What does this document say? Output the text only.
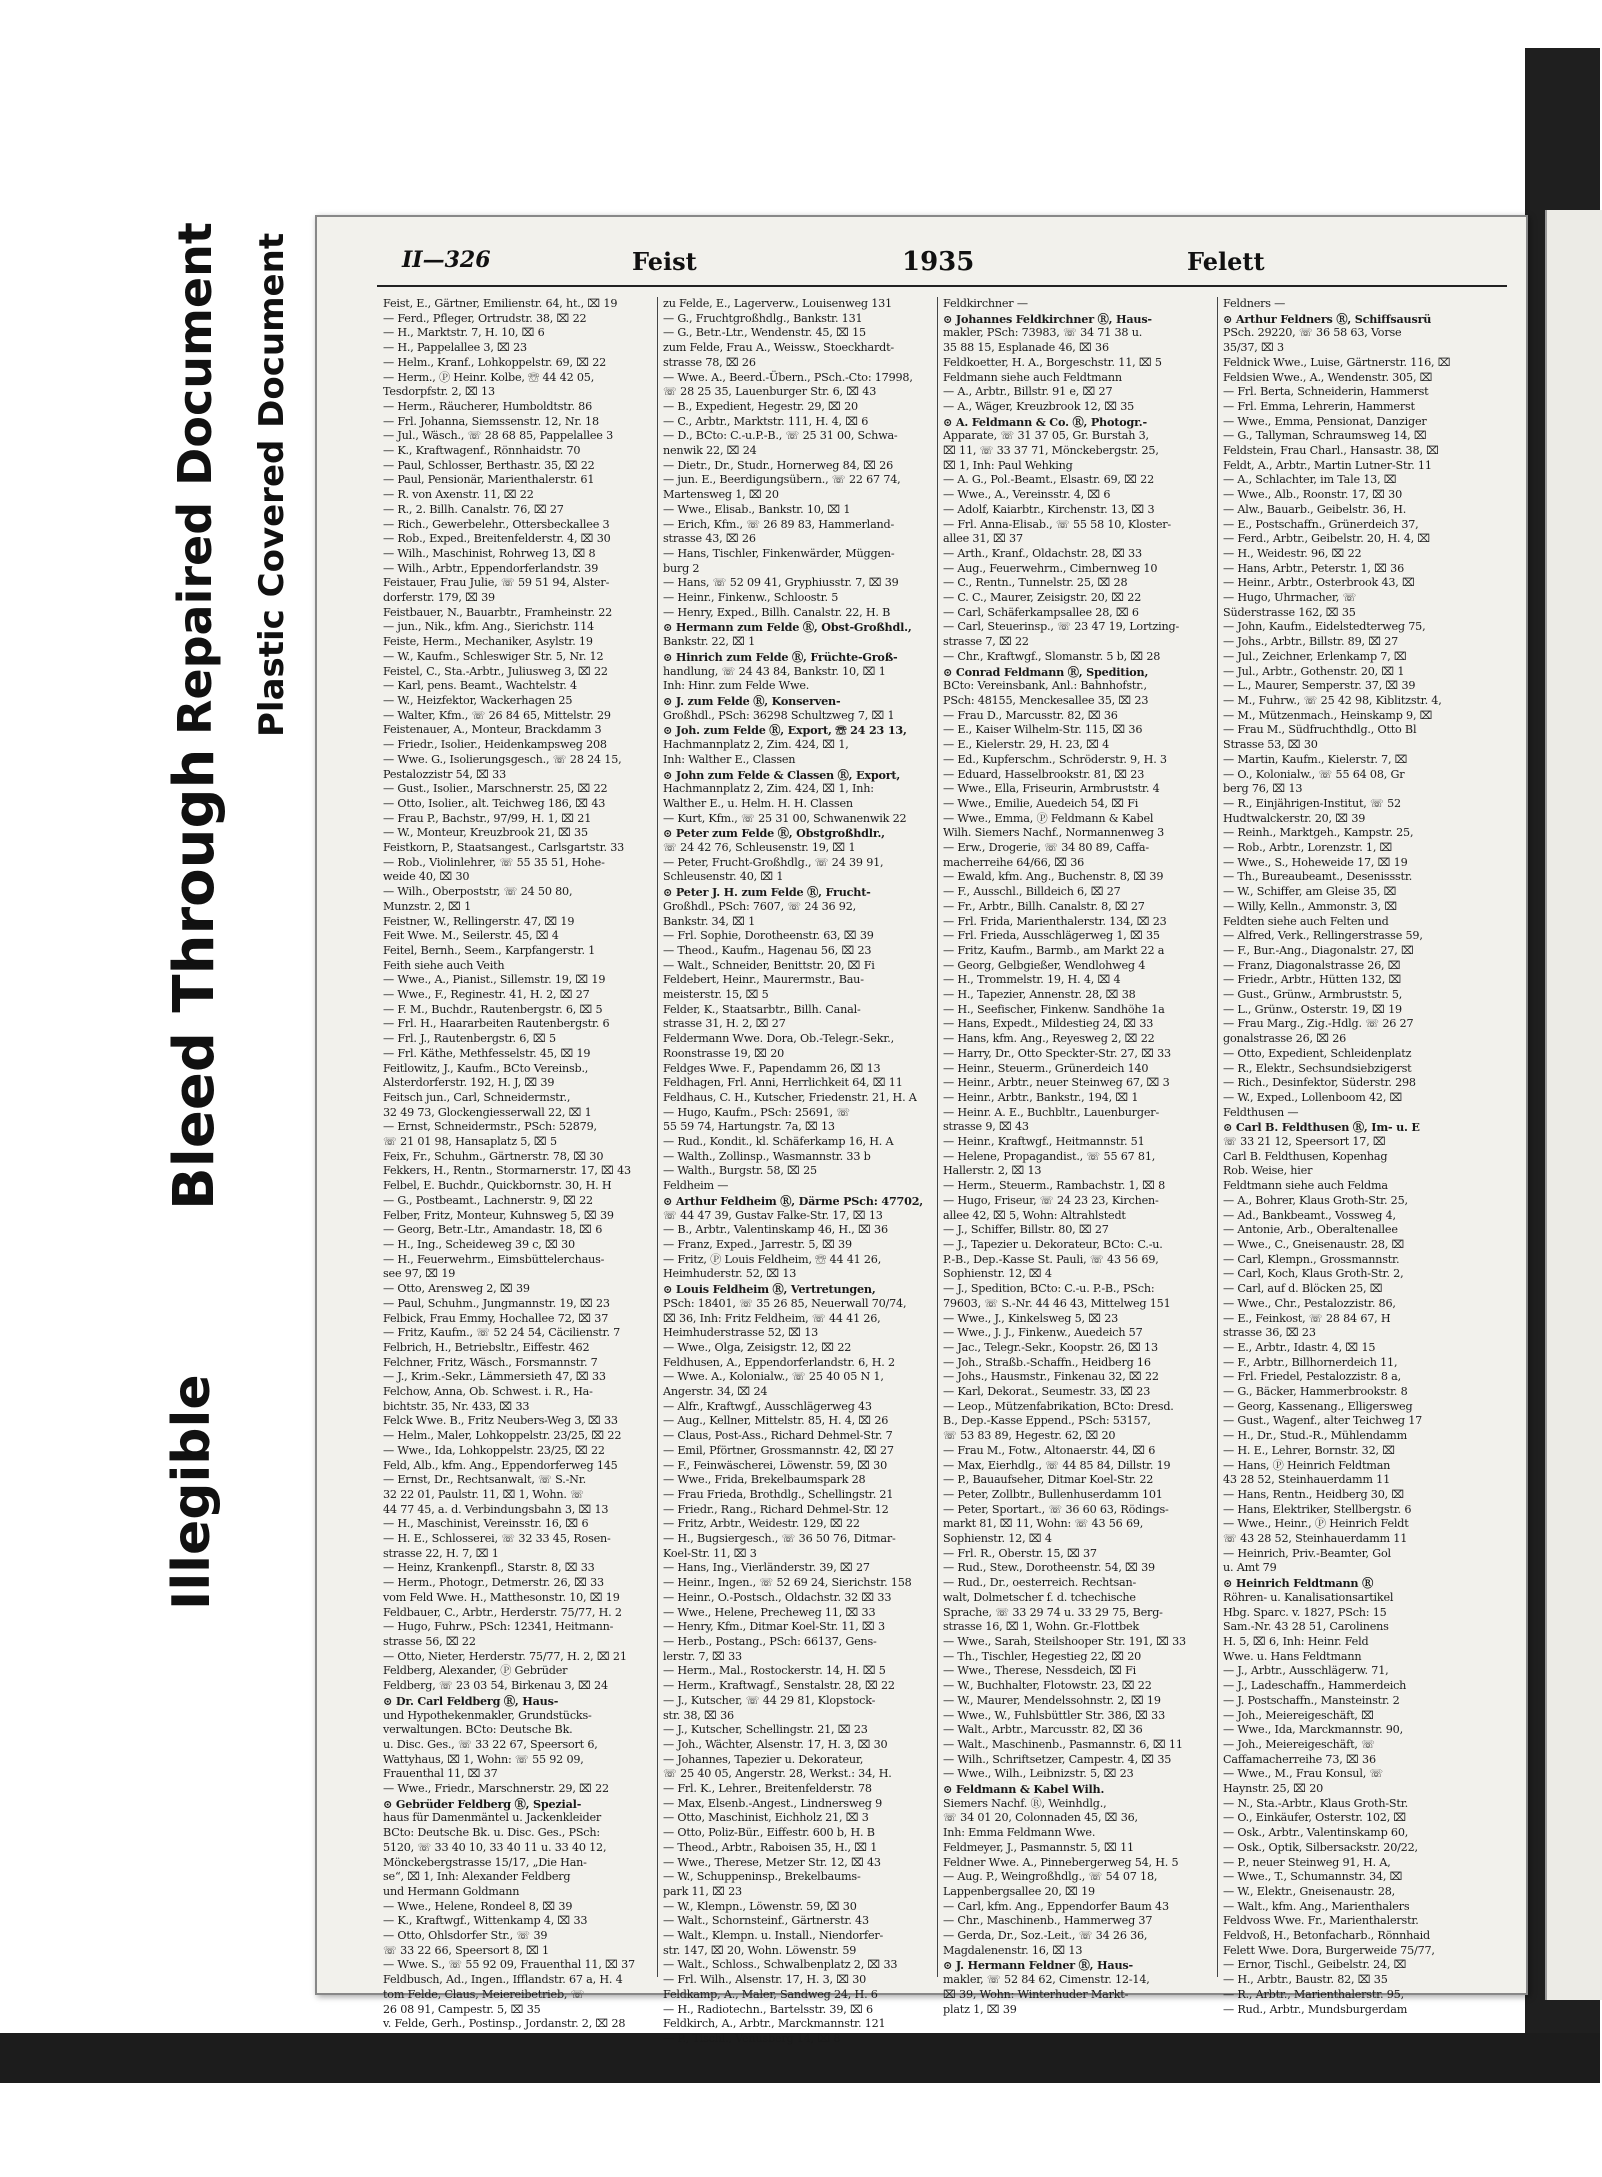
Bleed Through
Repaired Document Plastic Covered Document
Illegible
II—326	Feist	1935	Felett
Feist, E., Gärtner, Emilienstr. 64, ht., ⌧ 19
— Ferd., Pfleger, Ortrudstr. 38, ⌧ 22
— H., Marktstr. 7, H. 10, ⌧ 6
— H., Pappelallee 3, ⌧ 23
— Helm., Kranf., Lohkoppelstr. 69, ⌧ 22
— Herm., Ⓟ Heinr. Kolbe, ☏ 44 42 05,
Tesdorpfstr. 2, ⌧ 13
— Herm., Räucherer, Humboldtstr. 86
— Frl. Johanna, Siemssenstr. 12, Nr. 18
— Jul., Wäsch., ☏ 28 68 85, Pappelallee 3
— K., Kraftwagenf., Rönnhaidstr. 70
— Paul, Schlosser, Berthastr. 35, ⌧ 22
— Paul, Pensionär, Marienthalerstr. 61
— R. von Axenstr. 11, ⌧ 22
— R., 2. Billh. Canalstr. 76, ⌧ 27
— Rich., Gewerbelehr., Ottersbeckallee 3
— Rob., Exped., Breitenfelderstr. 4, ⌧ 30
— Wilh., Maschinist, Rohrweg 13, ⌧ 8
— Wilh., Arbtr., Eppendorferlandstr. 39
Feistauer, Frau Julie, ☏ 59 51 94, Alster-
dorferstr. 179, ⌧ 39
Feistbauer, N., Bauarbtr., Framheinstr. 22
— jun., Nik., kfm. Ang., Sierichstr. 114
Feiste, Herm., Mechaniker, Asylstr. 19
— W., Kaufm., Schleswiger Str. 5, Nr. 12
Feistel, C., Sta.-Arbtr., Juliusweg 3, ⌧ 22
— Karl, pens. Beamt., Wachtelstr. 4
— W., Heizfektor, Wackerhagen 25
— Walter, Kfm., ☏ 26 84 65, Mittelstr. 29
Feistenauer, A., Monteur, Brackdamm 3
— Friedr., Isolier., Heidenkampsweg 208
— Wwe. G., Isolierungsgesch., ☏ 28 24 15,
Pestalozzistr 54, ⌧ 33
— Gust., Isolier., Marschnerstr. 25, ⌧ 22
— Otto, Isolier., alt. Teichweg 186, ⌧ 43
— Frau P., Bachstr., 97/99, H. 1, ⌧ 21
— W., Monteur, Kreuzbrook 21, ⌧ 35
Feistkorn, P., Staatsangest., Carlsgartstr. 33
— Rob., Violinlehrer, ☏ 55 35 51, Hohe-
weide 40, ⌧ 30
— Wilh., Oberpoststr, ☏ 24 50 80,
Munzstr. 2, ⌧ 1
Feistner, W., Rellingerstr. 47, ⌧ 19
Feit Wwe. M., Seilerstr. 45, ⌧ 4
Feitel, Bernh., Seem., Karpfangerstr. 1
Feith siehe auch Veith
— Wwe., A., Pianist., Sillemstr. 19, ⌧ 19
— Wwe., F., Reginestr. 41, H. 2, ⌧ 27
— F. M., Buchdr., Rautenbergstr. 6, ⌧ 5
— Frl. H., Haararbeiten Rautenbergstr. 6
— Frl. J., Rautenbergstr. 6, ⌧ 5
— Frl. Käthe, Methfesselstr. 45, ⌧ 19
Feitlowitz, J., Kaufm., BCto Vereinsb.,
Alsterdorferstr. 192, H. J, ⌧ 39
Feitsch jun., Carl, Schneidermstr.,
32 49 73, Glockengiesserwall 22, ⌧ 1
— Ernst, Schneidermstr., PSch: 52879,
☏ 21 01 98, Hansaplatz 5, ⌧ 5
Feix, Fr., Schuhm., Gärtnerstr. 78, ⌧ 30
Fekkers, H., Rentn., Stormarnerstr. 17, ⌧ 43
Felbel, E. Buchdr., Quickbornstr. 30, H. H
— G., Postbeamt., Lachnerstr. 9, ⌧ 22
Felber, Fritz, Monteur, Kuhnsweg 5, ⌧ 39
— Georg, Betr.-Ltr., Amandastr. 18, ⌧ 6
— H., Ing., Scheideweg 39 c, ⌧ 30
— H., Feuerwehrm., Eimsbüttelerchaus-
see 97, ⌧ 19
— Otto, Arensweg 2, ⌧ 39
— Paul, Schuhm., Jungmannstr. 19, ⌧ 23
Felbick, Frau Emmy, Hochallee 72, ⌧ 37
— Fritz, Kaufm., ☏ 52 24 54, Cäcilienstr. 7
Felbrich, H., Betriebsltr., Eiffestr. 462
Felchner, Fritz, Wäsch., Forsmannstr. 7
— J., Krim.-Sekr., Lämmersieth 47, ⌧ 33
Felchow, Anna, Ob. Schwest. i. R., Ha-
bichtstr. 35, Nr. 433, ⌧ 33
Felck Wwe. B., Fritz Neubers-Weg 3, ⌧ 33
— Helm., Maler, Lohkoppelstr. 23/25, ⌧ 22
— Wwe., Ida, Lohkoppelstr. 23/25, ⌧ 22
Feld, Alb., kfm. Ang., Eppendorferweg 145
— Ernst, Dr., Rechtsanwalt, ☏ S.-Nr.
32 22 01, Paulstr. 11, ⌧ 1, Wohn. ☏
44 77 45, a. d. Verbindungsbahn 3, ⌧ 13
— H., Maschinist, Vereinsstr. 16, ⌧ 6
— H. E., Schlosserei, ☏ 32 33 45, Rosen-
strasse 22, H. 7, ⌧ 1
— Heinz, Krankenpfl., Starstr. 8, ⌧ 33
— Herm., Photogr., Detmerstr. 26, ⌧ 33
vom Feld Wwe. H., Matthesonstr. 10, ⌧ 19
Feldbauer, C., Arbtr., Herderstr. 75/77, H. 2
— Hugo, Fuhrw., PSch: 12341, Heitmann-
strasse 56, ⌧ 22
— Otto, Nieter, Herderstr. 75/77, H. 2, ⌧ 21
Feldberg, Alexander, Ⓟ Gebrüder
Feldberg, ☏ 23 03 54, Birkenau 3, ⌧ 24
⊙ Dr. Carl Feldberg Ⓡ, Haus-
und Hypothekenmakler, Grundstücks-
verwaltungen. BCto: Deutsche Bk.
u. Disc. Ges., ☏ 33 22 67, Speersort 6,
Wattyhaus, ⌧ 1, Wohn: ☏ 55 92 09,
Frauenthal 11, ⌧ 37
— Wwe., Friedr., Marschnerstr. 29, ⌧ 22
⊙ Gebrüder Feldberg Ⓡ, Spezial-
haus für Damenmäntel u. Jackenkleider
BCto: Deutsche Bk. u. Disc. Ges., PSch:
5120, ☏ 33 40 10, 33 40 11 u. 33 40 12,
Mönckebergstrasse 15/17, „Die Han-
se“, ⌧ 1, Inh: Alexander Feldberg
und Hermann Goldmann
— Wwe., Helene, Rondeel 8, ⌧ 39
— K., Kraftwgf., Wittenkamp 4, ⌧ 33
— Otto, Ohlsdorfer Str., ☏ 39
☏ 33 22 66, Speersort 8, ⌧ 1
— Wwe. S., ☏ 55 92 09, Frauenthal 11, ⌧ 37
Feldbusch, Ad., Ingen., Ifflandstr. 67 a, H. 4
tom Felde, Claus, Meiereibetrieb, ☏
26 08 91, Campestr. 5, ⌧ 35
v. Felde, Gerh., Postinsp., Jordanstr. 2, ⌧ 28
zu Felde, E., Lagerverw., Louisenweg 131
— G., Fruchtgroßhdlg., Bankstr. 131
— G., Betr.-Ltr., Wendenstr. 45, ⌧ 15
zum Felde, Frau A., Weissw., Stoeckhardt-
strasse 78, ⌧ 26
— Wwe. A., Beerd.-Übern., PSch.-Cto: 17998,
☏ 28 25 35, Lauenburger Str. 6, ⌧ 43
— B., Expedient, Hegestr. 29, ⌧ 20
— C., Arbtr., Marktstr. 111, H. 4, ⌧ 6
— D., BCto: C.-u.P.-B., ☏ 25 31 00, Schwa-
nenwik 22, ⌧ 24
— Dietr., Dr., Studr., Hornerweg 84, ⌧ 26
— jun. E., Beerdigungsübern., ☏ 22 67 74,
Martensweg 1, ⌧ 20
— Wwe., Elisab., Bankstr. 10, ⌧ 1
— Erich, Kfm., ☏ 26 89 83, Hammerland-
strasse 43, ⌧ 26
— Hans, Tischler, Finkenwärder, Müggen-
burg 2
— Hans, ☏ 52 09 41, Gryphiusstr. 7, ⌧ 39
— Heinr., Finkenw., Schloostr. 5
— Henry, Exped., Billh. Canalstr. 22, H. B
⊙ Hermann zum Felde Ⓡ, Obst-Großhdl.,
Bankstr. 22, ⌧ 1
⊙ Hinrich zum Felde Ⓡ, Früchte-Groß-
handlung, ☏ 24 43 84, Bankstr. 10, ⌧ 1
Inh: Hinr. zum Felde Wwe.
⊙ J. zum Felde Ⓡ, Konserven-
Großhdl., PSch: 36298 Schultzweg 7, ⌧ 1
⊙ Joh. zum Felde Ⓡ, Export, ☏ 24 23 13,
Hachmannplatz 2, Zim. 424, ⌧ 1,
Inh: Walther E., Classen
⊙ John zum Felde & Classen Ⓡ, Export,
Hachmannplatz 2, Zim. 424, ⌧ 1, Inh:
Walther E., u. Helm. H. H. Classen
— Kurt, Kfm., ☏ 25 31 00, Schwanenwik 22
⊙ Peter zum Felde Ⓡ, Obstgroßhdlr.,
☏ 24 42 76, Schleusenstr. 19, ⌧ 1
— Peter, Frucht-Großhdlg., ☏ 24 39 91,
Schleusenstr. 40, ⌧ 1
⊙ Peter J. H. zum Felde Ⓡ, Frucht-
Großhdl., PSch: 7607, ☏ 24 36 92,
Bankstr. 34, ⌧ 1
— Frl. Sophie, Dorotheenstr. 63, ⌧ 39
— Theod., Kaufm., Hagenau 56, ⌧ 23
— Walt., Schneider, Benittstr. 20, ⌧ Fi
Feldebert, Heinr., Maurermstr., Bau-
meisterstr. 15, ⌧ 5
Felder, K., Staatsarbtr., Billh. Canal-
strasse 31, H. 2, ⌧ 27
Feldermann Wwe. Dora, Ob.-Telegr.-Sekr.,
Roonstrasse 19, ⌧ 20
Feldges Wwe. F., Papendamm 26, ⌧ 13
Feldhagen, Frl. Anni, Herrlichkeit 64, ⌧ 11
Feldhaus, C. H., Kutscher, Friedenstr. 21, H. A
— Hugo, Kaufm., PSch: 25691, ☏
55 59 74, Hartungstr. 7a, ⌧ 13
— Rud., Kondit., kl. Schäferkamp 16, H. A
— Walth., Zollinsp., Wasmannstr. 33 b
— Walth., Burgstr. 58, ⌧ 25
Feldheim —
⊙ Arthur Feldheim Ⓡ, Därme PSch: 47702,
☏ 44 47 39, Gustav Falke-Str. 17, ⌧ 13
— B., Arbtr., Valentinskamp 46, H., ⌧ 36
— Franz, Exped., Jarrestr. 5, ⌧ 39
— Fritz, Ⓟ Louis Feldheim, ☏ 44 41 26,
Heimhuderstr. 52, ⌧ 13
⊙ Louis Feldheim Ⓡ, Vertretungen,
PSch: 18401, ☏ 35 26 85, Neuerwall 70/74,
⌧ 36, Inh: Fritz Feldheim, ☏ 44 41 26,
Heimhuderstrasse 52, ⌧ 13
— Wwe., Olga, Zeisigstr. 12, ⌧ 22
Feldhusen, A., Eppendorferlandstr. 6, H. 2
— Wwe. A., Kolonialw., ☏ 25 40 05 N 1,
Angerstr. 34, ⌧ 24
— Alfr., Kraftwgf., Ausschlägerweg 43
— Aug., Kellner, Mittelstr. 85, H. 4, ⌧ 26
— Claus, Post-Ass., Richard Dehmel-Str. 7
— Emil, Pförtner, Grossmannstr. 42, ⌧ 27
— F., Feinwäscherei, Löwenstr. 59, ⌧ 30
— Wwe., Frida, Brekelbaumspark 28
— Frau Frieda, Brothdlg., Schellingstr. 21
— Friedr., Rang., Richard Dehmel-Str. 12
— Fritz, Arbtr., Weidestr. 129, ⌧ 22
— H., Bugsiergesch., ☏ 36 50 76, Ditmar-
Koel-Str. 11, ⌧ 3
— Hans, Ing., Vierländerstr. 39, ⌧ 27
— Heinr., Ingen., ☏ 52 69 24, Sierichstr. 158
— Heinr., O.-Postsch., Oldachstr. 32 ⌧ 33
— Wwe., Helene, Precheweg 11, ⌧ 33
— Henry, Kfm., Ditmar Koel-Str. 11, ⌧ 3
— Herb., Postang., PSch: 66137, Gens-
lerstr. 7, ⌧ 33
— Herm., Mal., Rostockerstr. 14, H. ⌧ 5
— Herm., Kraftwagf., Senstalstr. 28, ⌧ 22
— J., Kutscher, ☏ 44 29 81, Klopstock-
str. 38, ⌧ 36
— J., Kutscher, Schellingstr. 21, ⌧ 23
— Joh., Wächter, Alsenstr. 17, H. 3, ⌧ 30
— Johannes, Tapezier u. Dekorateur,
☏ 25 40 05, Angerstr. 28, Werkst.: 34, H.
— Frl. K., Lehrer., Breitenfelderstr. 78
— Max, Elsenb.-Angest., Lindnersweg 9
— Otto, Maschinist, Eichholz 21, ⌧ 3
— Otto, Poliz-Bür., Eiffestr. 600 b, H. B
— Theod., Arbtr., Raboisen 35, H., ⌧ 1
— Wwe., Therese, Metzer Str. 12, ⌧ 43
— W., Schuppeninsp., Brekelbaums-
park 11, ⌧ 23
— W., Klempn., Löwenstr. 59, ⌧ 30
— Walt., Schornsteinf., Gärtnerstr. 43
— Walt., Klempn. u. Install., Niendorfer-
str. 147, ⌧ 20, Wohn. Löwenstr. 59
— Walt., Schloss., Schwalbenplatz 2, ⌧ 33
— Frl. Wilh., Alsenstr. 17, H. 3, ⌧ 30
Feldkamp, A., Maler, Sandweg 24, H. 6
— H., Radiotechn., Bartelsstr. 39, ⌧ 6
Feldkirch, A., Arbtr., Marckmannstr. 121
— P., Tischl., Venusberg 14, ⌧ 8
Feldkirchner —
⊙ Johannes Feldkirchner Ⓡ, Haus-
makler, PSch: 73983, ☏ 34 71 38 u.
35 88 15, Esplanade 46, ⌧ 36
Feldkoetter, H. A., Borgeschstr. 11, ⌧ 5
Feldmann siehe auch Feldtmann
— A., Arbtr., Billstr. 91 e, ⌧ 27
— A., Wäger, Kreuzbrook 12, ⌧ 35
⊙ A. Feldmann & Co. Ⓡ, Photogr.-
Apparate, ☏ 31 37 05, Gr. Burstah 3,
⌧ 11, ☏ 33 37 71, Mönckebergstr. 25,
⌧ 1, Inh: Paul Wehking
— A. G., Pol.-Beamt., Elsastr. 69, ⌧ 22
— Wwe., A., Vereinsstr. 4, ⌧ 6
— Adolf, Kaiarbtr., Kirchenstr. 13, ⌧ 3
— Frl. Anna-Elisab., ☏ 55 58 10, Kloster-
allee 31, ⌧ 37
— Arth., Kranf., Oldachstr. 28, ⌧ 33
— Aug., Feuerwehrm., Cimbernweg 10
— C., Rentn., Tunnelstr. 25, ⌧ 28
— C. C., Maurer, Zeisigstr. 20, ⌧ 22
— Carl, Schäferkampsallee 28, ⌧ 6
— Carl, Steuerinsp., ☏ 23 47 19, Lortzing-
strasse 7, ⌧ 22
— Chr., Kraftwgf., Slomanstr. 5 b, ⌧ 28
⊙ Conrad Feldmann Ⓡ, Spedition,
BCto: Vereinsbank, Anl.: Bahnhofstr.,
PSch: 48155, Menckesallee 35, ⌧ 23
— Frau D., Marcusstr. 82, ⌧ 36
— E., Kaiser Wilhelm-Str. 115, ⌧ 36
— E., Kielerstr. 29, H. 23, ⌧ 4
— Ed., Kupferschm., Schröderstr. 9, H. 3
— Eduard, Hasselbrookstr. 81, ⌧ 23
— Wwe., Ella, Friseurin, Armbruststr. 4
— Wwe., Emilie, Auedeich 54, ⌧ Fi
— Wwe., Emma, Ⓟ Feldmann & Kabel
Wilh. Siemers Nachf., Normannenweg 3
— Erw., Drogerie, ☏ 34 80 89, Caffa-
macherreihe 64/66, ⌧ 36
— Ewald, kfm. Ang., Buchenstr. 8, ⌧ 39
— F., Ausschl., Billdeich 6, ⌧ 27
— Fr., Arbtr., Billh. Canalstr. 8, ⌧ 27
— Frl. Frida, Marienthalerstr. 134, ⌧ 23
— Frl. Frieda, Ausschlägerweg 1, ⌧ 35
— Fritz, Kaufm., Barmb., am Markt 22 a
— Georg, Gelbgießer, Wendlohweg 4
— H., Trommelstr. 19, H. 4, ⌧ 4
— H., Tapezier, Annenstr. 28, ⌧ 38
— H., Seefischer, Finkenw. Sandhöhe 1a
— Hans, Expedt., Mildestieg 24, ⌧ 33
— Hans, kfm. Ang., Reyesweg 2, ⌧ 22
— Harry, Dr., Otto Speckter-Str. 27, ⌧ 33
— Heinr., Steuerm., Grünerdeich 140
— Heinr., Arbtr., neuer Steinweg 67, ⌧ 3
— Heinr., Arbtr., Bankstr., 194, ⌧ 1
— Heinr. A. E., Buchbltr., Lauenburger-
strasse 9, ⌧ 43
— Heinr., Kraftwgf., Heitmannstr. 51
— Helene, Propagandist., ☏ 55 67 81,
Hallerstr. 2, ⌧ 13
— Herm., Steuerm., Rambachstr. 1, ⌧ 8
— Hugo, Friseur, ☏ 24 23 23, Kirchen-
allee 42, ⌧ 5, Wohn: Altrahlstedt
— J., Schiffer, Billstr. 80, ⌧ 27
— J., Tapezier u. Dekorateur, BCto: C.-u.
P.-B., Dep.-Kasse St. Pauli, ☏ 43 56 69,
Sophienstr. 12, ⌧ 4
— J., Spedition, BCto: C.-u. P.-B., PSch:
79603, ☏ S.-Nr. 44 46 43, Mittelweg 151
— Wwe., J., Kinkelsweg 5, ⌧ 23
— Wwe., J. J., Finkenw., Auedeich 57
— Jac., Telegr.-Sekr., Koopstr. 26, ⌧ 13
— Joh., Straßb.-Schaffn., Heidberg 16
— Johs., Hausmstr., Finkenau 32, ⌧ 22
— Karl, Dekorat., Seumestr. 33, ⌧ 23
— Leop., Mützenfabrikation, BCto: Dresd.
B., Dep.-Kasse Eppend., PSch: 53157,
☏ 53 83 89, Hegestr. 62, ⌧ 20
— Frau M., Fotw., Altonaerstr. 44, ⌧ 6
— Max, Eierhdlg., ☏ 44 85 84, Dillstr. 19
— P., Bauaufseher, Ditmar Koel-Str. 22
— Peter, Zollbtr., Bullenhuserdamm 101
— Peter, Sportart., ☏ 36 60 63, Rödings-
markt 81, ⌧ 11, Wohn: ☏ 43 56 69,
Sophienstr. 12, ⌧ 4
— Frl. R., Oberstr. 15, ⌧ 37
— Rud., Stew., Dorotheenstr. 54, ⌧ 39
— Rud., Dr., oesterreich. Rechtsan-
walt, Dolmetscher f. d. tchechische
Sprache, ☏ 33 29 74 u. 33 29 75, Berg-
strasse 16, ⌧ 1, Wohn. Gr.-Flottbek
— Wwe., Sarah, Steilshooper Str. 191, ⌧ 33
— Th., Tischler, Hegestieg 22, ⌧ 20
— Wwe., Therese, Nessdeich, ⌧ Fi
— W., Buchhalter, Flotowstr. 23, ⌧ 22
— W., Maurer, Mendelssohnstr. 2, ⌧ 19
— Wwe., W., Fuhlsbüttler Str. 386, ⌧ 33
— Walt., Arbtr., Marcusstr. 82, ⌧ 36
— Walt., Maschinenb., Pasmannstr. 6, ⌧ 11
— Wilh., Schriftsetzer, Campestr. 4, ⌧ 35
— Wwe., Wilh., Leibnizstr. 5, ⌧ 23
⊙ Feldmann & Kabel Wilh.
Siemers Nachf. Ⓡ, Weinhdlg.,
☏ 34 01 20, Colonnaden 45, ⌧ 36,
Inh: Emma Feldmann Wwe.
Feldmeyer, J., Pasmannstr. 5, ⌧ 11
Feldner Wwe. A., Pinnebergerweg 54, H. 5
— Aug. P., Weingroßhdlg., ☏ 54 07 18,
Lappenbergsallee 20, ⌧ 19
— Carl, kfm. Ang., Eppendorfer Baum 43
— Chr., Maschinenb., Hammerweg 37
— Gerda, Dr., Soz.-Leit., ☏ 34 26 36,
Magdalenenstr. 16, ⌧ 13
⊙ J. Hermann Feldner Ⓡ, Haus-
makler, ☏ 52 84 62, Cimenstr. 12-14,
⌧ 39, Wohn: Winterhuder Markt-
platz 1, ⌧ 39
Feldners —
⊙ Arthur Feldners Ⓡ, Schiffsausrü
PSch. 29220, ☏ 36 58 63, Vorse
35/37, ⌧ 3
Feldnick Wwe., Luise, Gärtnerstr. 116, ⌧
Feldsien Wwe., A., Wendenstr. 305, ⌧
— Frl. Berta, Schneiderin, Hammerst
— Frl. Emma, Lehrerin, Hammerst
— Wwe., Emma, Pensionat, Danziger
— G., Tallyman, Schraumsweg 14, ⌧
Feldstein, Frau Charl., Hansastr. 38, ⌧
Feldt, A., Arbtr., Martin Lutner-Str. 11
— A., Schlachter, im Tale 13, ⌧
— Wwe., Alb., Roonstr. 17, ⌧ 30
— Alw., Bauarb., Geibelstr. 36, H.
— E., Postschaffn., Grünerdeich 37,
— Ferd., Arbtr., Geibelstr. 20, H. 4, ⌧
— H., Weidestr. 96, ⌧ 22
— Hans, Arbtr., Peterstr. 1, ⌧ 36
— Heinr., Arbtr., Osterbrook 43, ⌧
— Hugo, Uhrmacher, ☏
Süderstrasse 162, ⌧ 35
— John, Kaufm., Eidelstedterweg 75,
— Johs., Arbtr., Billstr. 89, ⌧ 27
— Jul., Zeichner, Erlenkamp 7, ⌧
— Jul., Arbtr., Gothenstr. 20, ⌧ 1
— L., Maurer, Semperstr. 37, ⌧ 39
— M., Fuhrw., ☏ 25 42 98, Kiblitzstr. 4,
— M., Mützenmach., Heinskamp 9, ⌧
— Frau M., Südfruchthdlg., Otto Bl
Strasse 53, ⌧ 30
— Martin, Kaufm., Kielerstr. 7, ⌧
— O., Kolonialw., ☏ 55 64 08, Gr
berg 76, ⌧ 13
— R., Einjährigen-Institut, ☏ 52
Hudtwalckerstr. 20, ⌧ 39
— Reinh., Marktgeh., Kampstr. 25,
— Rob., Arbtr., Lorenzstr. 1, ⌧
— Wwe., S., Hoheweide 17, ⌧ 19
— Th., Bureaubeamt., Desenissstr.
— W., Schiffer, am Gleise 35, ⌧
— Willy, Kelln., Ammonstr. 3, ⌧
Feldten siehe auch Felten und
— Alfred, Verk., Rellingerstrasse 59,
— F., Bur.-Ang., Diagonalstr. 27, ⌧
— Franz, Diagonalstrasse 26, ⌧
— Friedr., Arbtr., Hütten 132, ⌧
— Gust., Grünw., Armbruststr. 5,
— L., Grünw., Osterstr. 19, ⌧ 19
— Frau Marg., Zig.-Hdlg. ☏ 26 27
gonalstrasse 26, ⌧ 26
— Otto, Expedient, Schleidenplatz
— R., Elektr., Sechsundsiebzigerst
— Rich., Desinfektor, Süderstr. 298
— W., Exped., Lollenboom 42, ⌧
Feldthusen —
⊙ Carl B. Feldthusen Ⓡ, Im- u. E
☏ 33 21 12, Speersort 17, ⌧
Carl B. Feldthusen, Kopenhag
Rob. Weise, hier
Feldtmann siehe auch Feldma
— A., Bohrer, Klaus Groth-Str. 25,
— Ad., Bankbeamt., Vossweg 4,
— Antonie, Arb., Oberaltenallee
— Wwe., C., Gneisenaustr. 28, ⌧
— Carl, Klempn., Grossmannstr.
— Carl, Koch, Klaus Groth-Str. 2,
— Carl, auf d. Blöcken 25, ⌧
— Wwe., Chr., Pestalozzistr. 86,
— E., Feinkost, ☏ 28 84 67, H
strasse 36, ⌧ 23
— E., Arbtr., Idastr. 4, ⌧ 15
— F., Arbtr., Billhornerdeich 11,
— Frl. Friedel, Pestalozzistr. 8 a,
— G., Bäcker, Hammerbrookstr. 8
— Georg, Kassenang., Elligersweg
— Gust., Wagenf., alter Teichweg 17
— H., Dr., Stud.-R., Mühlendamm
— H. E., Lehrer, Bornstr. 32, ⌧
— Hans, Ⓟ Heinrich Feldtman
43 28 52, Steinhauerdamm 11
— Hans, Rentn., Heidberg 30, ⌧
— Hans, Elektriker, Stellbergstr. 6
— Wwe., Heinr., Ⓟ Heinrich Feldt
☏ 43 28 52, Steinhauerdamm 11
— Heinrich, Priv.-Beamter, Gol
u. Amt 79
⊙ Heinrich Feldtmann Ⓡ
Röhren- u. Kanalisationsartikel
Hbg. Sparc. v. 1827, PSch: 15
Sam.-Nr. 43 28 51, Carolinens
H. 5, ⌧ 6, Inh: Heinr. Feld
Wwe. u. Hans Feldtmann
— J., Arbtr., Ausschlägerw. 71,
— J., Ladeschaffn., Hammerdeich
— J. Postschaffn., Mansteinstr. 2
— Joh., Meiereigeschäft, ⌧
— Wwe., Ida, Marckmannstr. 90,
— Joh., Meiereigeschäft, ☏
Caffamacherreihe 73, ⌧ 36
— Wwe., M., Frau Konsul, ☏
Haynstr. 25, ⌧ 20
— N., Sta.-Arbtr., Klaus Groth-Str.
— O., Einkäufer, Osterstr. 102, ⌧
— Osk., Arbtr., Valentinskamp 60,
— Osk., Optik, Silbersackstr. 20/22,
— P., neuer Steinweg 91, H. A,
— Wwe., T., Schumannstr. 34, ⌧
— W., Elektr., Gneisenaustr. 28,
— Walt., kfm. Ang., Marienthalers
Feldvoss Wwe. Fr., Marienthalerstr.
Feldvoß, H., Betonfacharb., Rönnhaid
Felett Wwe. Dora, Burgerweide 75/77,
— Ernor, Tischl., Geibelstr. 24, ⌧
— H., Arbtr., Baustr. 82, ⌧ 35
— R., Arbtr., Marienthalerstr. 95,
— Rud., Arbtr., Mundsburgerdam
